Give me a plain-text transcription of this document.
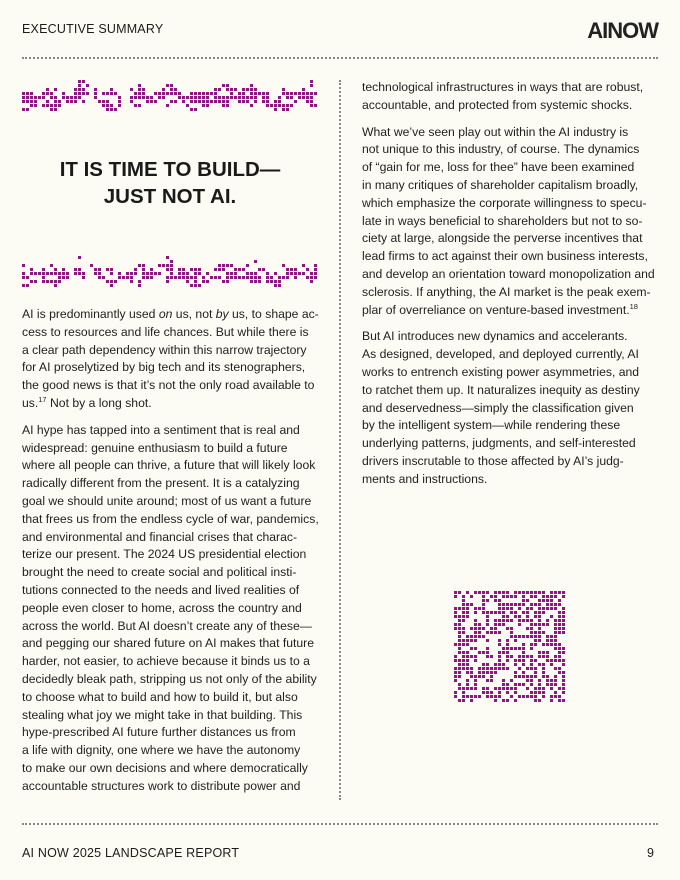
EXECUTIVE SUMMARY	AINOW
IT IS TIME TO BUILD—
JUST NOT AI.

AI is predominantly used on us, not by us, to shape ac-
cess to resources and life chances. But while there is
a clear path dependency within this narrow trajectory
for AI proselytized by big tech and its stenographers,
the good news is that it’s not the only road available to
us.$^{17}$ Not by a long shot.

AI hype has tapped into a sentiment that is real and
widespread: genuine enthusiasm to build a future
where all people can thrive, a future that will likely look
radically different from the present. It is a catalyzing
goal we should unite around; most of us want a future
that frees us from the endless cycle of war, pandemics,
and environmental and financial crises that charac-
terize our present. The 2024 US presidential election
brought the need to create social and political insti-
tutions connected to the needs and lived realities of
people even closer to home, across the country and
across the world. But AI doesn’t create any of these—
and pegging our shared future on AI makes that future
harder, not easier, to achieve because it binds us to a
decidedly bleak path, stripping us not only of the ability
to choose what to build and how to build it, but also
stealing what joy we might take in that building. This
hype-prescribed AI future further distances us from
a life with dignity, one where we have the autonomy
to make our own decisions and where democratically
accountable structures work to distribute power and

technological infrastructures in ways that are robust,
accountable, and protected from systemic shocks.

What we’ve seen play out within the AI industry is
not unique to this industry, of course. The dynamics
of “gain for me, loss for thee” have been examined
in many critiques of shareholder capitalism broadly,
which emphasize the corporate willingness to specu-
late in ways beneficial to shareholders but not to so-
ciety at large, alongside the perverse incentives that
lead firms to act against their own business interests,
and develop an orientation toward monopolization and
sclerosis. If anything, the AI market is the peak exem-
plar of overreliance on venture-based investment.$^{18}$

But AI introduces new dynamics and accelerants.
As designed, developed, and deployed currently, AI
works to entrench existing power asymmetries, and
to ratchet them up. It naturalizes inequity as destiny
and deservedness—simply the classification given
by the intelligent system—while rendering these
underlying patterns, judgments, and self-interested
drivers inscrutable to those affected by AI’s judg-
ments and instructions.

AI NOW 2025 LANDSCAPE REPORT	9
